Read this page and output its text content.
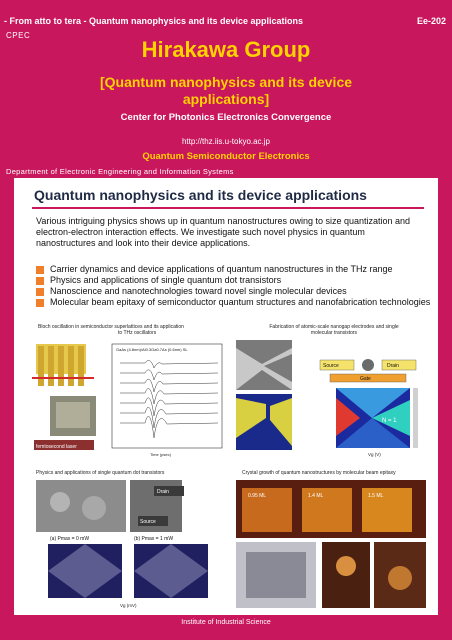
- From atto to tera - Quantum nanophysics and its device applications	Ee-202
CPEC
Hirakawa Group
[Quantum nanophysics and its device
applications]
Center for Photonics Electronics Convergence
http://thz.iis.u-tokyo.ac.jp
Quantum Semiconductor Electronics
Department of Electronic Engineering and Information Systems
Quantum nanophysics and its device applications

Various intriguing physics shows up in quantum nanostructures owing to size quantization and electron-electron interaction effects. We investigate such novel physics in quantum nanostructures and look into their device applications.

Carrier dynamics and device applications of quantum nanostructures in the THz range
Physics and applications of single quantum dot transistors
Nanoscience and nanotechnologies toward novel single molecular devices
Molecular beam epitaxy of semiconductor quantum structures and nanofabrication technologies
Bloch oscillation in semiconductor superlattices and its application
to THz oscillators
femtosecond laser
GaAs (4.8nm)/Al0.3Ga0.7As (0.6nm) SL
Time (psec)
Fabrication of atomic-scale nanogap electrodes and single
molecular transistors
Source	Drain
Gate
N = 1
Vg (V)
Physics and applications of single quantum dot transistors
Drain
Source
(a) Pmax = 0 mW	(b) Pmax = 1 mW
Vg (mV)
Crystal growth of quantum nanostructures by molecular beam epitaxy
0.95 ML	1.4 ML	1.5 ML
Institute of Industrial Science
